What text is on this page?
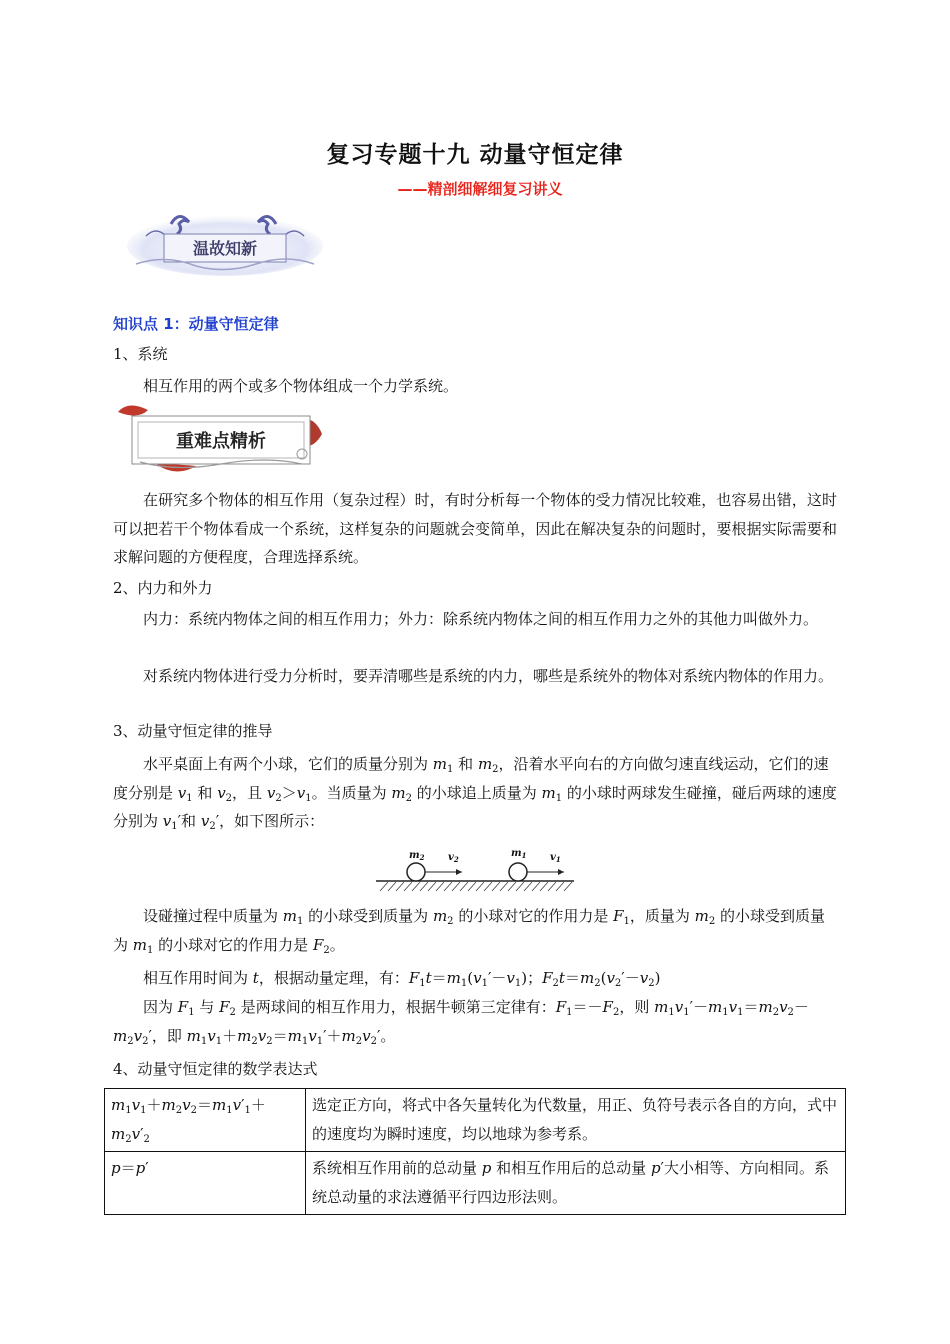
复习专题十九 动量守恒定律
——精剖细解细复习讲义
温故知新
知识点 1：动量守恒定律
1、系统
相互作用的两个或多个物体组成一个力学系统。
重难点精析
在研究多个物体的相互作用（复杂过程）时，有时分析每一个物体的受力情况比较难，也容易出错，这时可以把若干个物体看成一个系统，这样复杂的问题就会变简单，因此在解决复杂的问题时，要根据实际需要和求解问题的方便程度，合理选择系统。
2、内力和外力
内力：系统内物体之间的相互作用力；外力：除系统内物体之间的相互作用力之外的其他力叫做外力。
对系统内物体进行受力分析时，要弄清哪些是系统的内力，哪些是系统外的物体对系统内物体的作用力。
3、动量守恒定律的推导
水平桌面上有两个小球，它们的质量分别为 $m_1$ 和 $m_2$，沿着水平向右的方向做匀速直线运动，它们的速度分别是 $v_1$ 和 $v_2$，且 $v_2>v_1$。当质量为 $m_2$ 的小球追上质量为 $m_1$ 的小球时两球发生碰撞，碰后两球的速度分别为 $v_1'$和 $v_2'$，如下图所示：
$m_2$ $v_2$
$m_1$ $v_1$
设碰撞过程中质量为 $m_1$ 的小球受到质量为 $m_2$ 的小球对它的作用力是 $F_1$，质量为 $m_2$ 的小球受到质量为 $m_1$ 的小球对它的作用力是 $F_2$。
相互作用时间为 t，根据动量定理，有：$F_1t=m_1(v_1'-v_1)$；$F_2t=m_2(v_2'-v_2)$
因为 $F_1$ 与 $F_2$ 是两球间的相互作用力，根据牛顿第三定律有：$F_1=-F_2$，则 $m_1v_1'-m_1v_1=m_2v_2-m_2v_2'$，即 $m_1v_1+m_2v_2=m_1v_1'+m_2v_2'$。
4、动量守恒定律的数学表达式
$m_1v_1+m_2v_2=m_1v'_1+m_2v'_2$	选定正方向，将式中各矢量转化为代数量，用正、负符号表示各自的方向，式中的速度均为瞬时速度，均以地球为参考系。
p＝p′	系统相互作用前的总动量 p 和相互作用后的总动量 p′大小相等、方向相同。系统总动量的求法遵循平行四边形法则。
